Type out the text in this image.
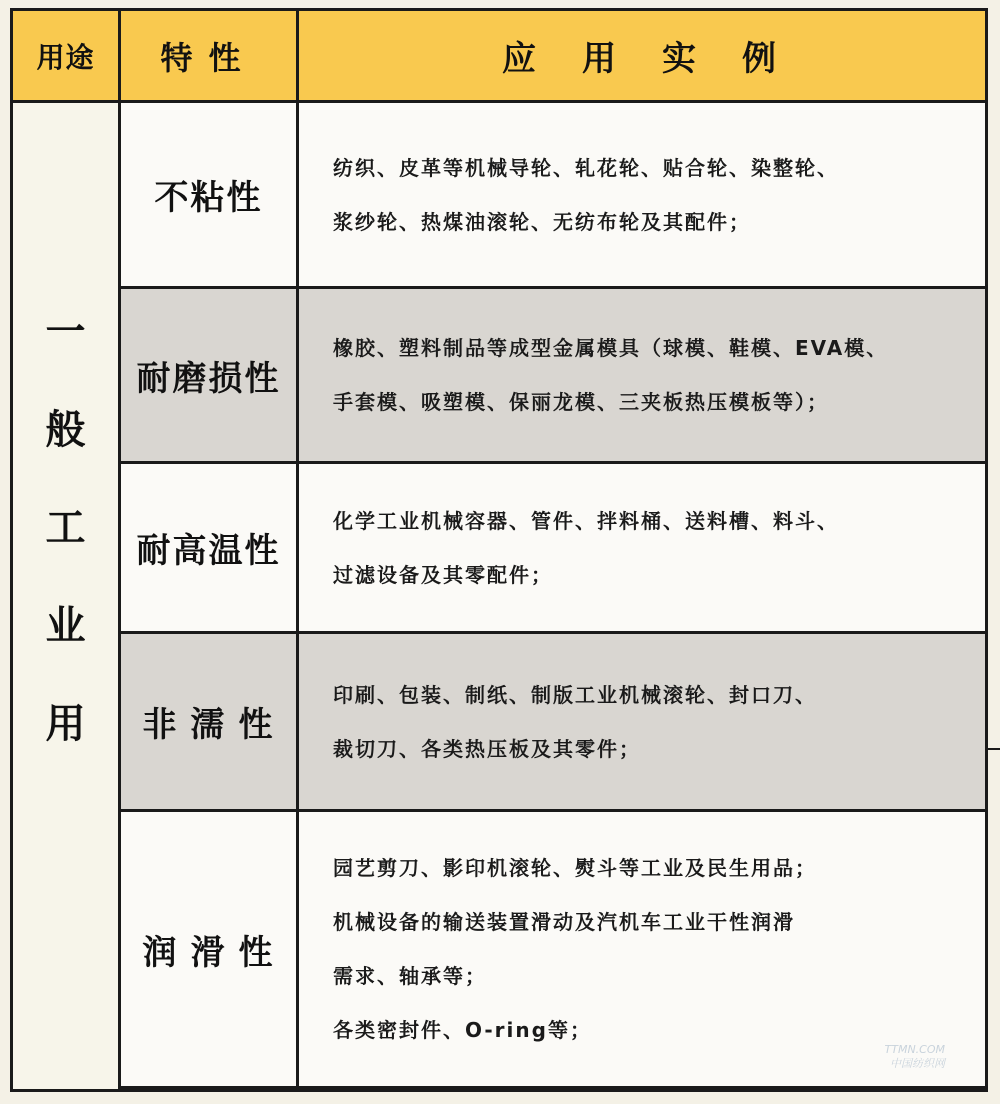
用途	特性	应用实例
一
般
工
业
用
不粘性
纺织、皮革等机械导轮、轧花轮、贴合轮、染整轮、
浆纱轮、热煤油滚轮、无纺布轮及其配件；
耐磨损性
橡胶、塑料制品等成型金属模具（球模、鞋模、EVA模、
手套模、吸塑模、保丽龙模、三夹板热压模板等）；
耐高温性
化学工业机械容器、管件、拌料桶、送料槽、料斗、
过滤设备及其零配件；
非濡性
印刷、包装、制纸、制版工业机械滚轮、封口刀、
裁切刀、各类热压板及其零件；
润滑性
园艺剪刀、影印机滚轮、熨斗等工业及民生用品；
机械设备的输送装置滑动及汽机车工业干性润滑
需求、轴承等；
各类密封件、O-ring等；
TTMN.COM
中国纺织网
